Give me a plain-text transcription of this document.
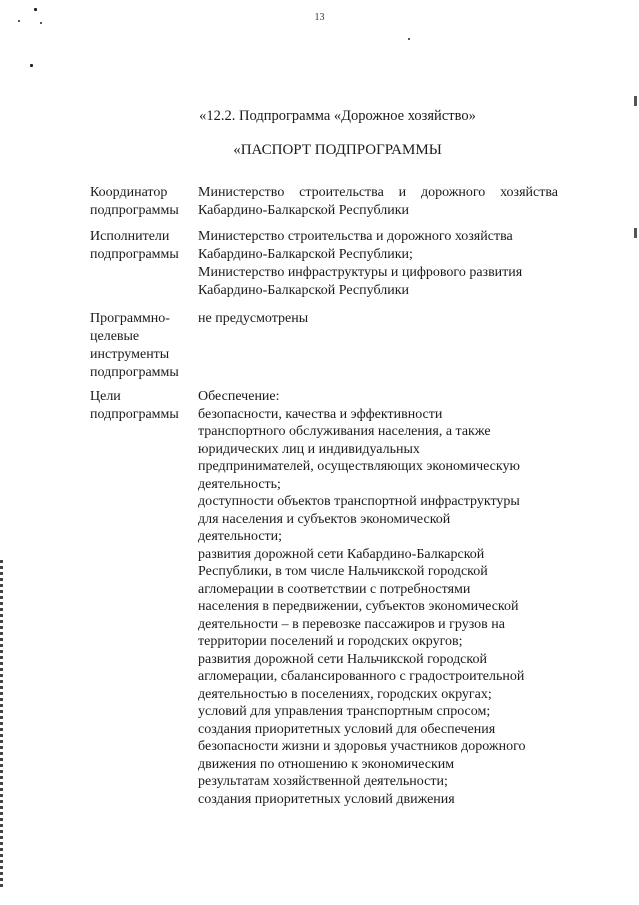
13
«12.2. Подпрограмма «Дорожное хозяйство»
«ПАСПОРТ ПОДПРОГРАММЫ
Координатор
подпрограммы
Министерство строительства и дорожного хозяйства
Кабардино-Балкарской Республики
Исполнители
подпрограммы
Министерство строительства и дорожного хозяйства
Кабардино-Балкарской Республики;
Министерство инфраструктуры и цифрового развития
Кабардино-Балкарской Республики
Программно-
целевые
инструменты
подпрограммы
не предусмотрены
Цели
подпрограммы
Обеспечение:
безопасности, качества и эффективности
транспортного обслуживания населения, а также
юридических лиц и индивидуальных
предпринимателей, осуществляющих экономическую
деятельность;
доступности объектов транспортной инфраструктуры
для населения и субъектов экономической
деятельности;
развития дорожной сети Кабардино-Балкарской
Республики, в том числе Нальчикской городской
агломерации в соответствии с потребностями
населения в передвижении, субъектов экономической
деятельности – в перевозке пассажиров и грузов на
территории поселений и городских округов;
развития дорожной сети Нальчикской городской
агломерации, сбалансированного с градостроительной
деятельностью в поселениях, городских округах;
условий для управления транспортным спросом;
создания приоритетных условий для обеспечения
безопасности жизни и здоровья участников дорожного
движения по отношению к экономическим
результатам хозяйственной деятельности;
создания приоритетных условий движения
